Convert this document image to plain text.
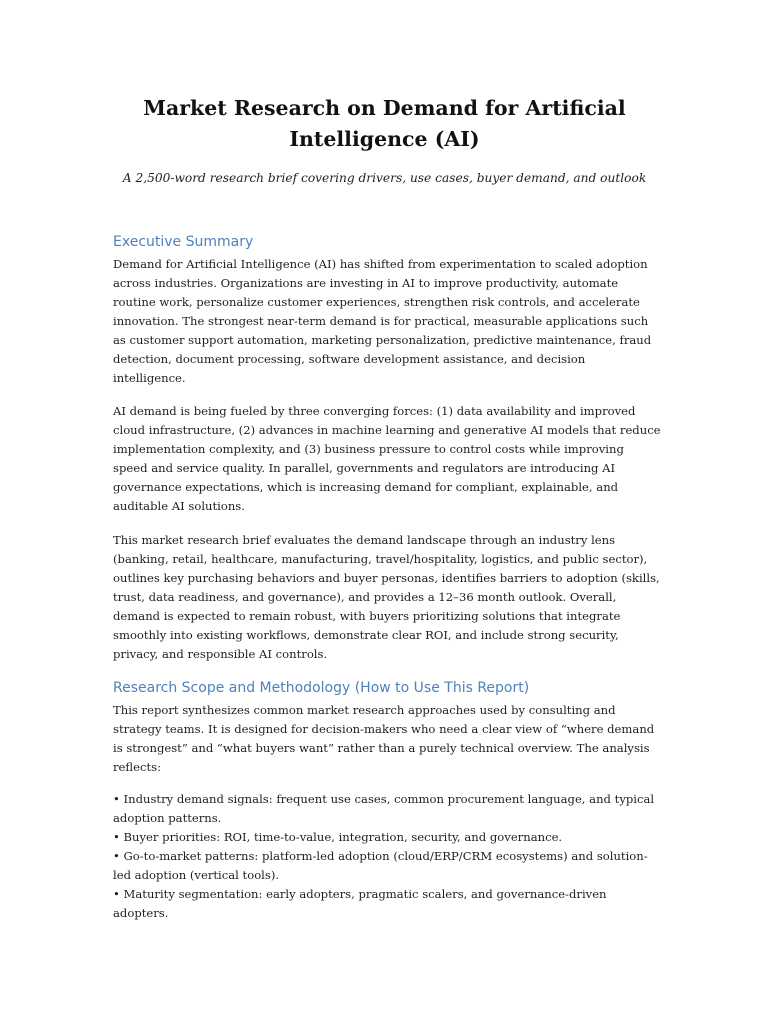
Market Research on Demand for Artificial Intelligence (AI)
A 2,500-word research brief covering drivers, use cases, buyer demand, and outlook
Executive Summary

Demand for Artificial Intelligence (AI) has shifted from experimentation to scaled adoption across industries. Organizations are investing in AI to improve productivity, automate routine work, personalize customer experiences, strengthen risk controls, and accelerate innovation. The strongest near-term demand is for practical, measurable applications such as customer support automation, marketing personalization, predictive maintenance, fraud detection, document processing, software development assistance, and decision intelligence.

AI demand is being fueled by three converging forces: (1) data availability and improved cloud infrastructure, (2) advances in machine learning and generative AI models that reduce implementation complexity, and (3) business pressure to control costs while improving speed and service quality. In parallel, governments and regulators are introducing AI governance expectations, which is increasing demand for compliant, explainable, and auditable AI solutions.

This market research brief evaluates the demand landscape through an industry lens (banking, retail, healthcare, manufacturing, travel/hospitality, logistics, and public sector), outlines key purchasing behaviors and buyer personas, identifies barriers to adoption (skills, trust, data readiness, and governance), and provides a 12–36 month outlook. Overall, demand is expected to remain robust, with buyers prioritizing solutions that integrate smoothly into existing workflows, demonstrate clear ROI, and include strong security, privacy, and responsible AI controls.

Research Scope and Methodology (How to Use This Report)

This report synthesizes common market research approaches used by consulting and strategy teams. It is designed for decision-makers who need a clear view of “where demand is strongest” and “what buyers want” rather than a purely technical overview. The analysis reflects:

• Industry demand signals: frequent use cases, common procurement language, and typical adoption patterns.
• Buyer priorities: ROI, time-to-value, integration, security, and governance.
• Go-to-market patterns: platform-led adoption (cloud/ERP/CRM ecosystems) and solution-led adoption (vertical tools).
• Maturity segmentation: early adopters, pragmatic scalers, and governance-driven adopters.
